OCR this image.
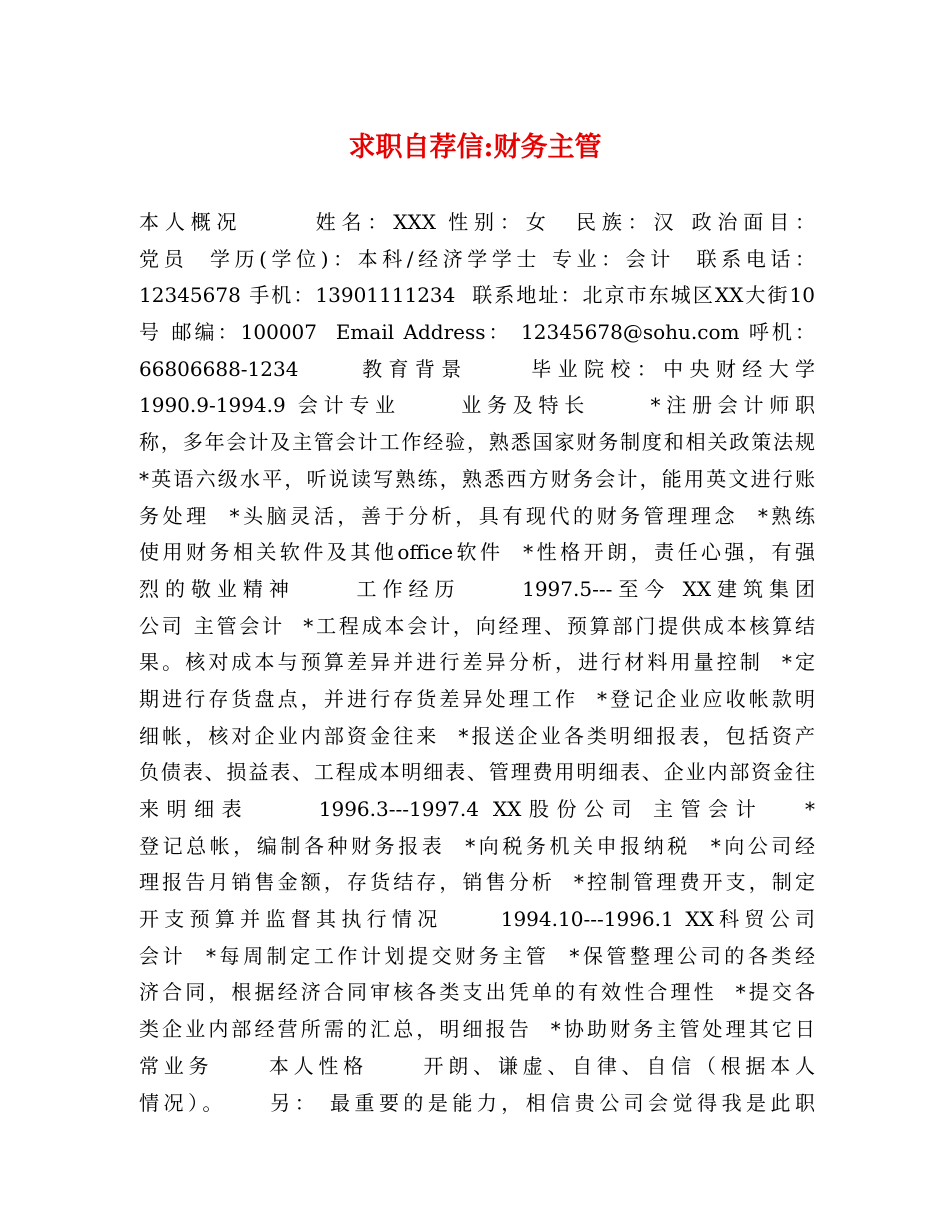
求职自荐信:财务主管
本人概况      姓名：XXX 性别：女  民族：汉 政治面目：
党员  学历(学位)：本科/经济学学士 专业：会计  联系电话：
12345678 手机：13901111234  联系地址：北京市东城区XX大街10
号 邮编：100007  Email Address： 12345678@sohu.com 呼机：
66806688-1234     教育背景     毕业院校：中央财经大学
1990.9-1994.9 会计专业     业务及特长     *注册会计师职
称，多年会计及主管会计工作经验，熟悉国家财务制度和相关政策法规
*英语六级水平，听说读写熟练，熟悉西方财务会计，能用英文进行账
务处理  *头脑灵活，善于分析，具有现代的财务管理理念  *熟练
使用财务相关软件及其他office软件  *性格开朗，责任心强，有强
烈的敬业精神     工作经历     1997.5---至今 XX建筑集团
公司 主管会计  *工程成本会计，向经理、预算部门提供成本核算结
果。核对成本与预算差异并进行差异分析，进行材料用量控制  *定
期进行存货盘点，并进行存货差异处理工作  *登记企业应收帐款明
细帐，核对企业内部资金往来  *报送企业各类明细报表，包括资产
负债表、损益表、工程成本明细表、管理费用明细表、企业内部资金往
来明细表     1996.3---1997.4 XX股份公司 主管会计   *
登记总帐，编制各种财务报表  *向税务机关申报纳税  *向公司经
理报告月销售金额，存货结存，销售分析  *控制管理费开支，制定
开支预算并监督其执行情况     1994.10---1996.1 XX科贸公司
会计  *每周制定工作计划提交财务主管  *保管整理公司的各类经
济合同，根据经济合同审核各类支出凭单的有效性合理性  *提交各
类企业内部经营所需的汇总，明细报告  *协助财务主管处理其它日
常业务     本人性格     开朗、谦虚、自律、自信（根据本人
情况）。    另： 最重要的是能力，相信贵公司会觉得我是此职
